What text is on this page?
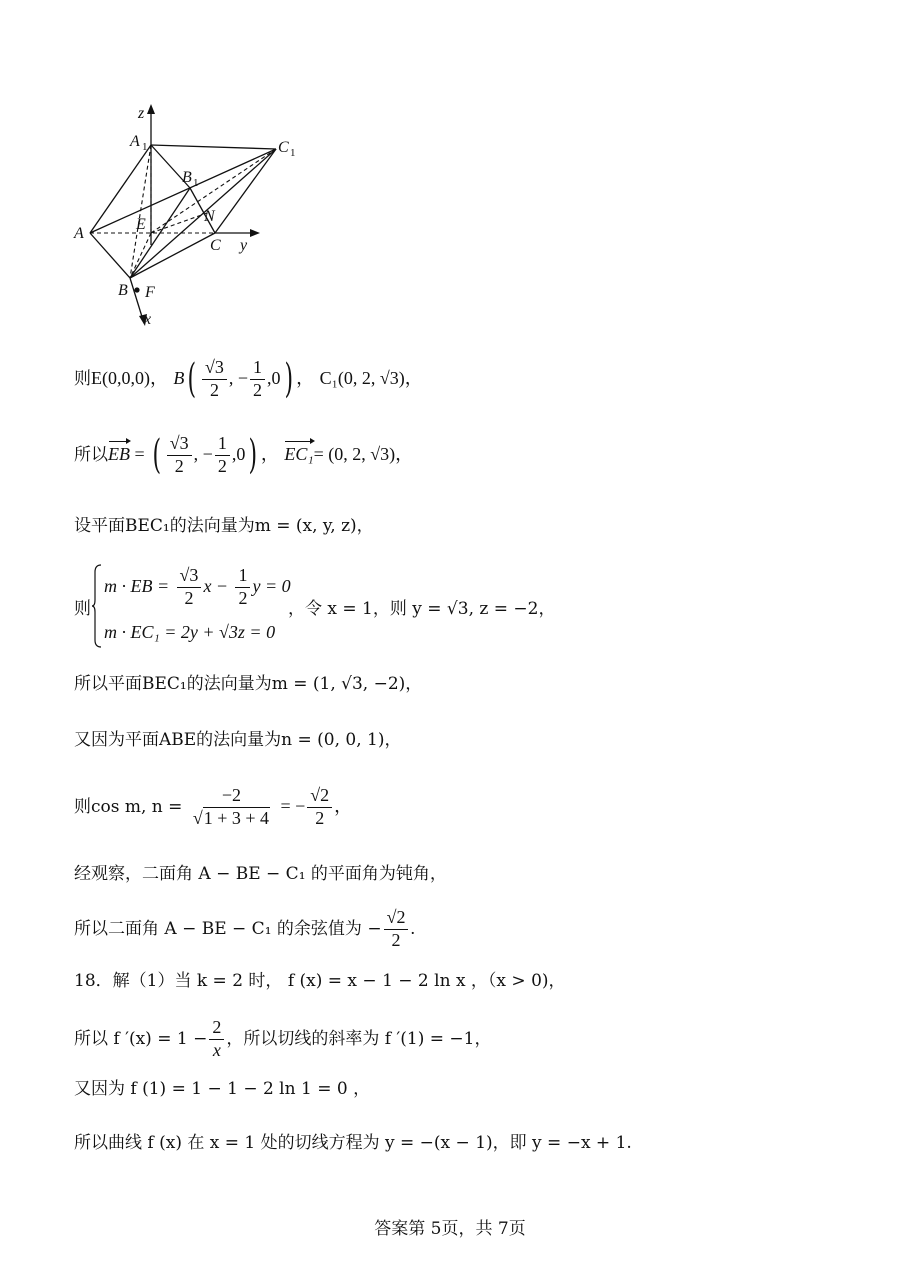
z
A 1	C 1
B 1
A
E	N
C y
B F
x
则E(0,0,0)， $B( \frac{√3}{2}$ , − $\frac{1}{2} ,0$) ， C₁(0, 2, √3)，
所以EB = ( $\frac{√3}{2}$ , − $\frac{1}{2} ,0$) ， EC₁= (0, 2, √3)，
设平面BEC₁的法向量为m = (x, y, z)，
则
m · EB = $\frac{√3}{2}$ $x - \frac{1}{2}$ y = 0
m · EC₁ = 2y + √3z = 0
，令 x = 1，则 y = √3, z = −2，
所以平面BEC₁的法向量为m = (1, √3, −2)，
又因为平面ABE的法向量为n = (0, 0, 1)，
则cos m, $n = \frac{-2}{√1 + 3 + 4}$ = − $\frac{√2}{2}$ ，
经观察，二面角 A − BE − C₁ 的平面角为钝角，
所以二面角 A − BE − C₁ 的余弦值为 − $\frac{√2}{2}$ .
18．解（1）当 k = 2 时， f (x) = x − 1 − 2 ln x ，（x > 0)，
所以 f $'(x) = 1 - \frac{2}{x}$ ，所以切线的斜率为 f ′(1) = −1，
又因为 f (1) = 1 − 1 − 2 ln 1 = 0 ，
所以曲线 f (x) 在 x = 1 处的切线方程为 y = −(x − 1)，即 y = −x + 1.
答案第 5页，共 7页
